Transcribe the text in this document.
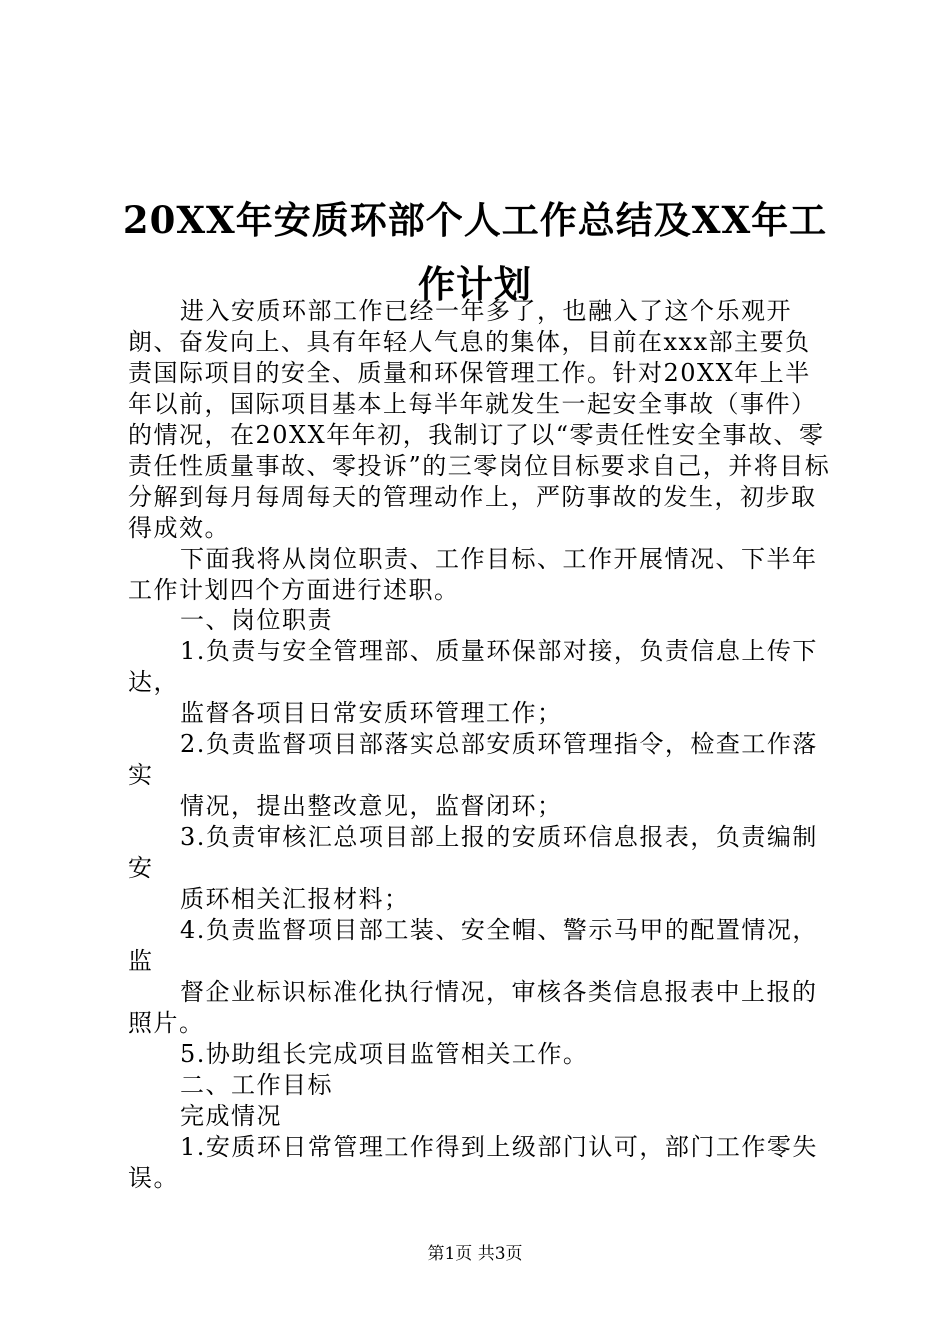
20XX年安质环部个人工作总结及XX年工作计划

进入安质环部工作已经一年多了，也融入了这个乐观开朗、奋发向上、具有年轻人气息的集体，目前在xxx部主要负责国际项目的安全、质量和环保管理工作。针对20XX年上半年以前，国际项目基本上每半年就发生一起安全事故（事件）的情况，在20XX年年初，我制订了以“零责任性安全事故、零责任性质量事故、零投诉”的三零岗位目标要求自己，并将目标分解到每月每周每天的管理动作上，严防事故的发生，初步取得成效。

下面我将从岗位职责、工作目标、工作开展情况、下半年工作计划四个方面进行述职。

一、岗位职责
1.负责与安全管理部、质量环保部对接，负责信息上传下
达，
监督各项目日常安质环管理工作；
2.负责监督项目部落实总部安质环管理指令，检查工作落
实
情况，提出整改意见，监督闭环；
3.负责审核汇总项目部上报的安质环信息报表，负责编制
安
质环相关汇报材料；
4.负责监督项目部工装、安全帽、警示马甲的配置情况，
监
督企业标识标准化执行情况，审核各类信息报表中上报的
照片。
5.协助组长完成项目监管相关工作。
二、工作目标
完成情况
1.安质环日常管理工作得到上级部门认可，部门工作零失
误。
第1页 共3页
